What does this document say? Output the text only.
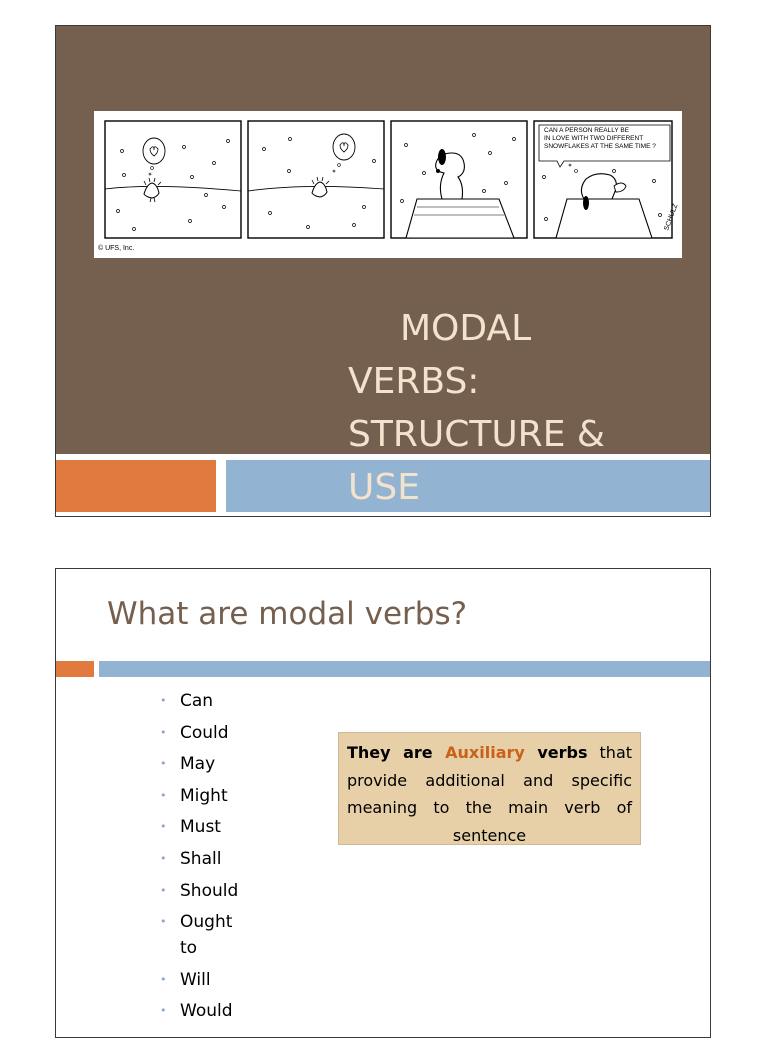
SCHULZ
CAN A PERSON REALLY BE
IN LOVE WITH TWO DIFFERENT
SNOWFLAKES AT THE SAME TIME ?
© UFS, Inc.
MODAL
VERBS:
STRUCTURE &
USE
What are modal verbs?
• Can
• Could
• May
• Might
• Must
• Shall
• Should
• Ought to
• Will
• Would
They are Auxiliary verbs that provide additional and specific meaning to the main verb of sentence
